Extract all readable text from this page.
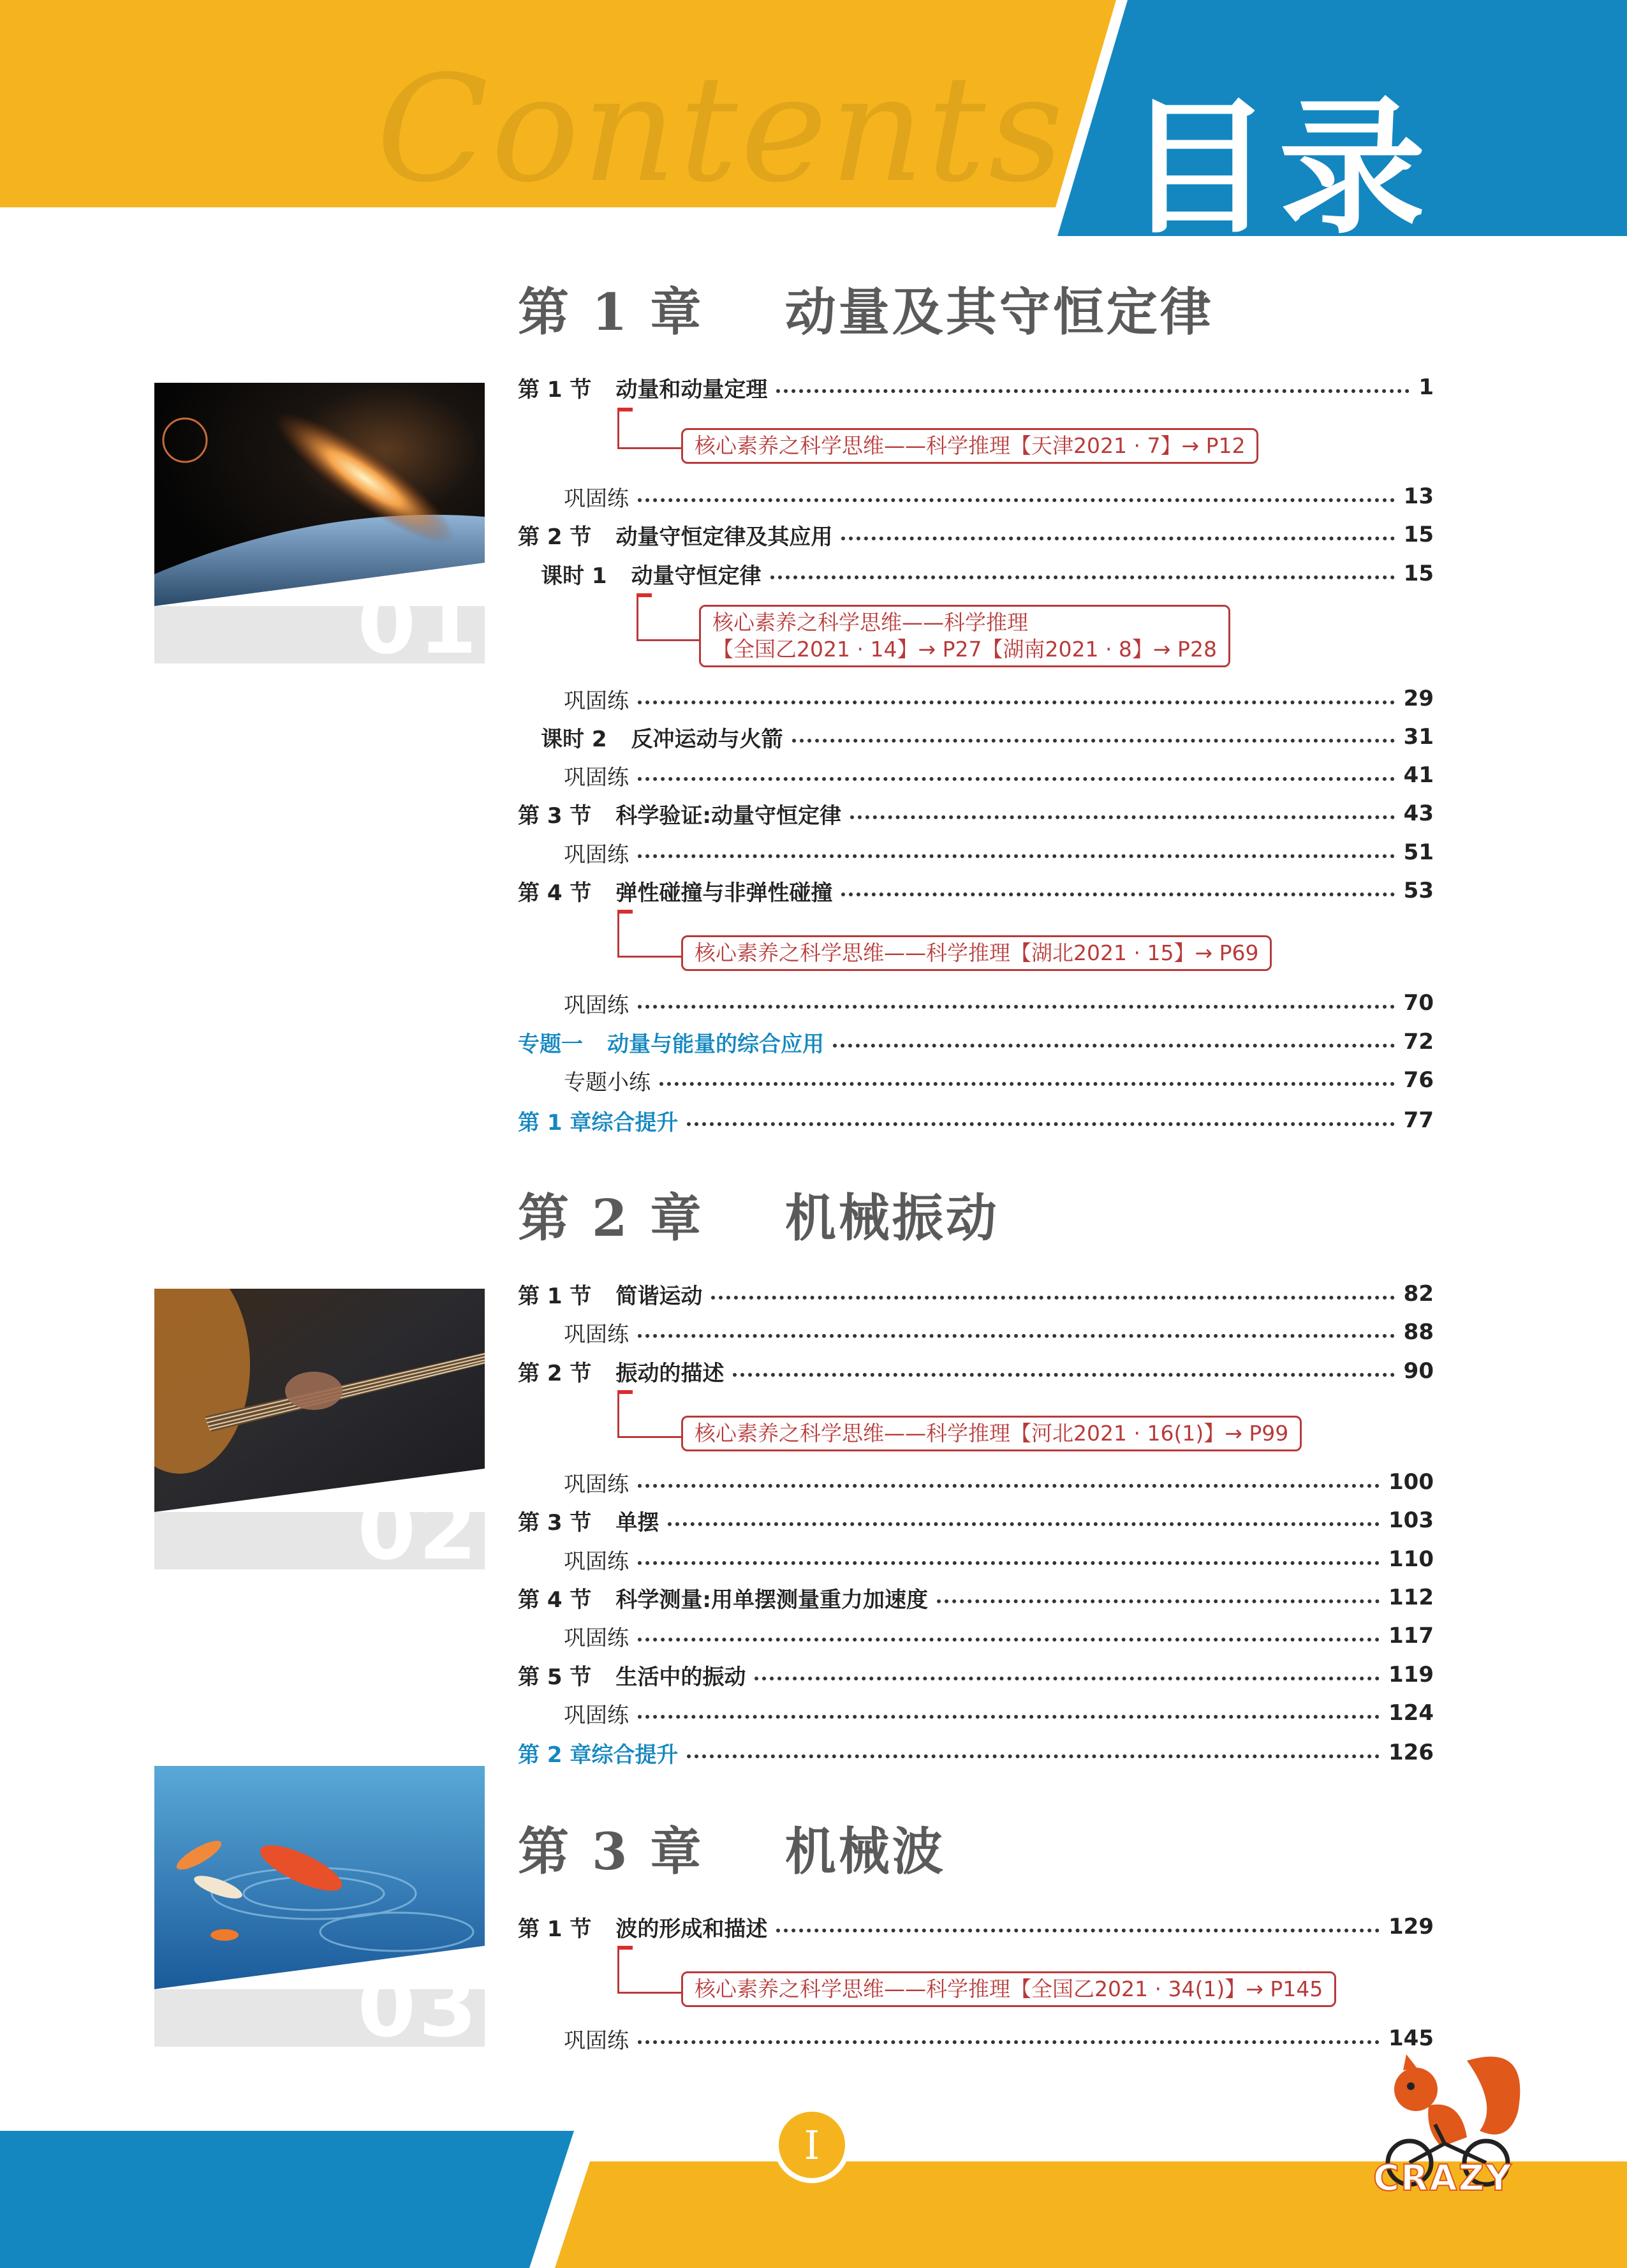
Contents 目录
第 1 章    动量及其守恒定律
第 2 章    机械振动
第 3 章    机械波
01
02
03
第 1 节 动量和动量定理	1
核心素养之科学思维——科学推理【天津2021 · 7】→ P12
巩固练	13
第 2 节 动量守恒定律及其应用	15
课时 1 动量守恒定律	15
核心素养之科学思维——科学推理
【全国乙2021 · 14】→ P27【湖南2021 · 8】→ P28
巩固练	29
课时 2 反冲运动与火箭	31
巩固练	41
第 3 节 科学验证:动量守恒定律	43
巩固练	51
第 4 节 弹性碰撞与非弹性碰撞	53
核心素养之科学思维——科学推理【湖北2021 · 15】→ P69
巩固练	70
专题一 动量与能量的综合应用	72
专题小练	76
第 1 章综合提升	77
第 1 节 简谐运动	82
巩固练	88
第 2 节 振动的描述	90
核心素养之科学思维——科学推理【河北2021 · 16(1)】→ P99
巩固练	100
第 3 节 单摆	103
巩固练	110
第 4 节 科学测量:用单摆测量重力加速度	112
巩固练	117
第 5 节 生活中的振动	119
巩固练	124
第 2 章综合提升	126
第 1 节 波的形成和描述	129
核心素养之科学思维——科学推理【全国乙2021 · 34(1)】→ P145
巩固练	145
I
CRAZY
